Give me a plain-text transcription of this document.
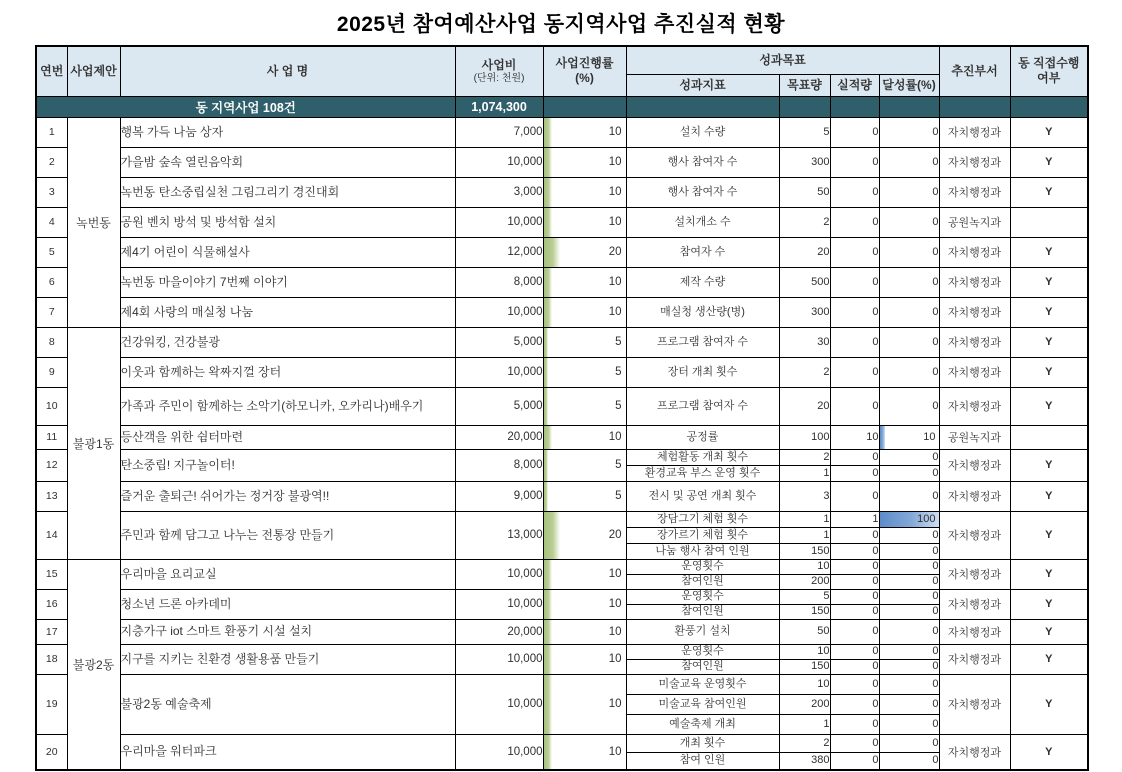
2025년 참여예산사업 동지역사업 추진실적 현황
연번	사업제안	사 업 명	사업비
(단위: 천원)	사업진행률
(%)	성과목표				추진부서	동 직접수행
여부
					성과지표	목표량	실적량	달성률(%)		
동 지역사업 108건			1,074,300							
1	녹번동	행복 가득 나눔 상자	7,000	10	설치 수량	5	0	0	자치행정과	Y
2		가을밤 숲속 열린음악회	10,000	10	행사 참여자 수	300	0	0	자치행정과	Y
3		녹번동 탄소중립실천 그림그리기 경진대회	3,000	10	행사 참여자 수	50	0	0	자치행정과	Y
4		공원 벤치 방석 및 방석함 설치	10,000	10	설치개소 수	2	0	0	공원녹지과	
5		제4기 어린이 식물해설사	12,000	20	참여자 수	20	0	0	자치행정과	Y
6		녹번동 마을이야기 7번째 이야기	8,000	10	제작 수량	500	0	0	자치행정과	Y
7		제4회 사랑의 매실청 나눔	10,000	10	매실청 생산량(병)	300	0	0	자치행정과	Y
8	불광1동	건강워킹, 건강불광	5,000	5	프로그램 참여자 수	30	0	0	자치행정과	Y
9		이웃과 함께하는 왁짜지껄 장터	10,000	5	장터 개최 횟수	2	0	0	자치행정과	Y
10		가족과 주민이 함께하는 소악기(하모니카, 오카리나)배우기	5,000	5	프로그램 참여자 수	20	0	0	자치행정과	Y
11		등산객을 위한 쉼터마련	20,000	10	공정률	100	10	10	공원녹지과	
12		탄소중립! 지구놀이터!	8,000	5	체험활동 개최 횟수	2	0	0	자치행정과	Y
					환경교육 부스 운영 횟수	1	0	0		
13		즐거운 출퇴근! 쉬어가는 정거장 불광역!!	9,000	5	전시 및 공연 개최 횟수	3	0	0	자치행정과	Y
14		주민과 함께 담그고 나누는 전통장 만들기	13,000	20	장담그기 체험 횟수	1	1	100	자치행정과	Y
					장가르기 체험 횟수	1	0	0		
					나눔 행사 참여 인원	150	0	0		
15	불광2동	우리마을 요리교실	10,000	10	운영횟수	10	0	0	자치행정과	Y
					참여인원	200	0	0		
16		청소년 드론 아카데미	10,000	10	운영횟수	5	0	0	자치행정과	Y
					참여인원	150	0	0		
17		지층가구 iot 스마트 환풍기 시설 설치	20,000	10	환풍기 설치	50	0	0	자치행정과	Y
18		지구를 지키는 친환경 생활용품 만들기	10,000	10	운영횟수	10	0	0	자치행정과	Y
					참여인원	150	0	0		
19		불광2동 예술축제	10,000	10	미술교육 운영횟수	10	0	0	자치행정과	Y
					미술교육 참여인원	200	0	0		
					예술축제 개최	1	0	0		
20		우리마을 워터파크	10,000	10	개최 횟수	2	0	0	자치행정과	Y
					참여 인원	380	0	0		
